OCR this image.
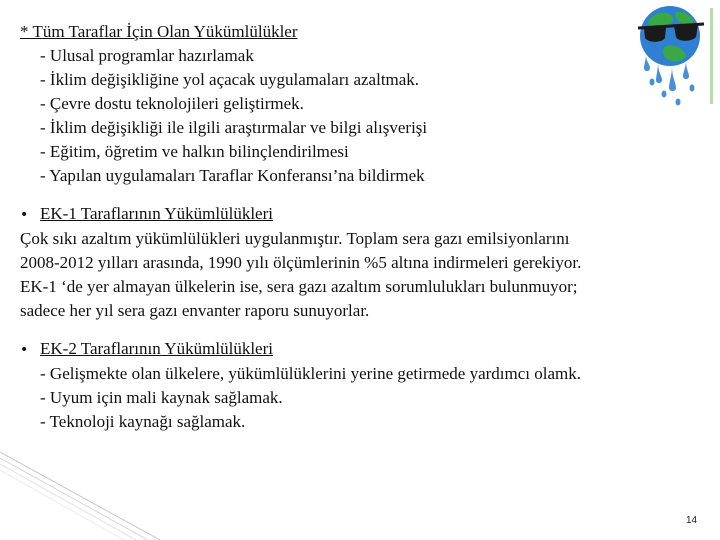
* Tüm Taraflar İçin Olan Yükümlülükler
- Ulusal programlar hazırlamak
- İklim değişikliğine yol açacak uygulamaları azaltmak.
- Çevre dostu teknolojileri geliştirmek.
- İklim değişikliği ile ilgili araştırmalar ve bilgi alışverişi
- Eğitim, öğretim ve halkın bilinçlendirilmesi
- Yapılan uygulamaları Taraflar Konferansı’na bildirmek
• EK-1 Taraflarının Yükümlülükleri
Çok sıkı azaltım yükümlülükleri uygulanmıştır. Toplam sera gazı emilsiyonlarını
2008-2012 yılları arasında, 1990 yılı ölçümlerinin %5 altına indirmeleri gerekiyor.
EK-1 ‘de yer almayan ülkelerin ise, sera gazı azaltım sorumlulukları bulunmuyor;
sadece her yıl sera gazı envanter raporu sunuyorlar.
• EK-2 Taraflarının Yükümlülükleri
- Gelişmekte olan ülkelere, yükümlülüklerini yerine getirmede yardımcı olamk.
- Uyum için mali kaynak sağlamak.
- Teknoloji kaynağı sağlamak.
14
